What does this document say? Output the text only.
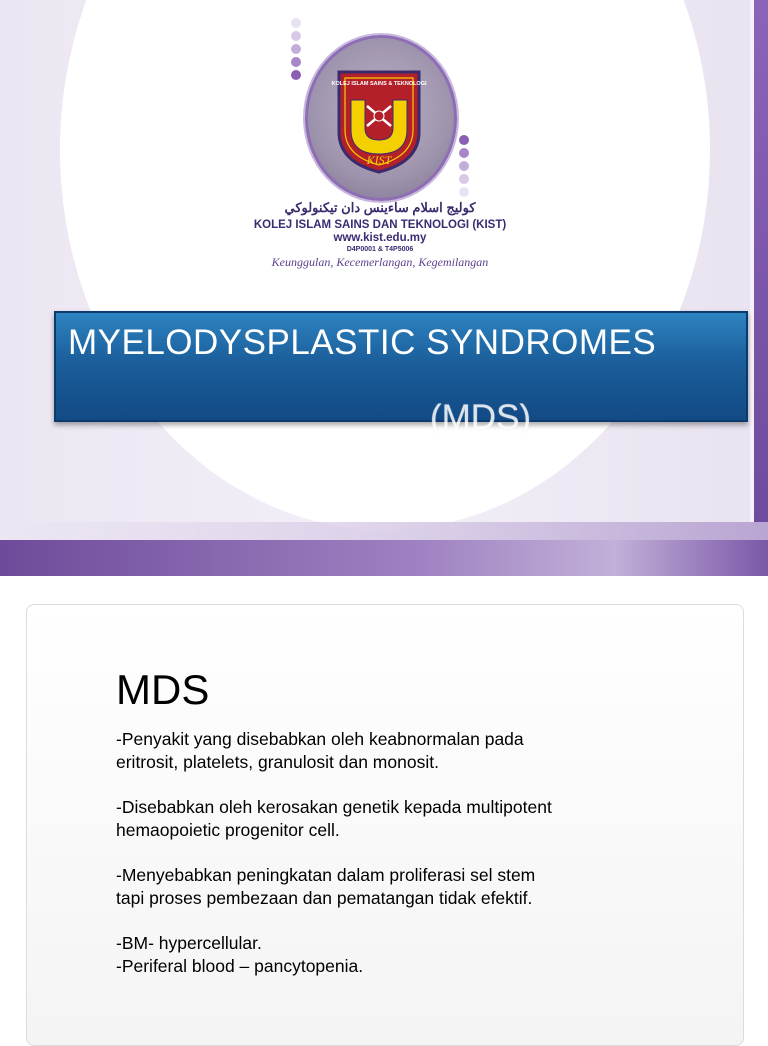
KOLEJ ISLAM SAINS & TEKNOLOGI
KIST
كوليج اسلام ساءينس دان تيكنولوكي
KOLEJ ISLAM SAINS DAN TEKNOLOGI (KIST)
www.kist.edu.my
D4P0001 & T4P5006
Keunggulan, Kecemerlangan, Kegemilangan
MYELODYSPLASTIC SYNDROMES
(MDS)
MDS

-Penyakit yang disebabkan oleh keabnormalan pada
eritrosit, platelets, granulosit dan monosit.

-Disebabkan oleh kerosakan genetik kepada multipotent
hemaopoietic progenitor cell.

-Menyebabkan peningkatan dalam proliferasi sel stem
tapi proses pembezaan dan pematangan tidak efektif.

-BM- hypercellular.
-Periferal blood – pancytopenia.
